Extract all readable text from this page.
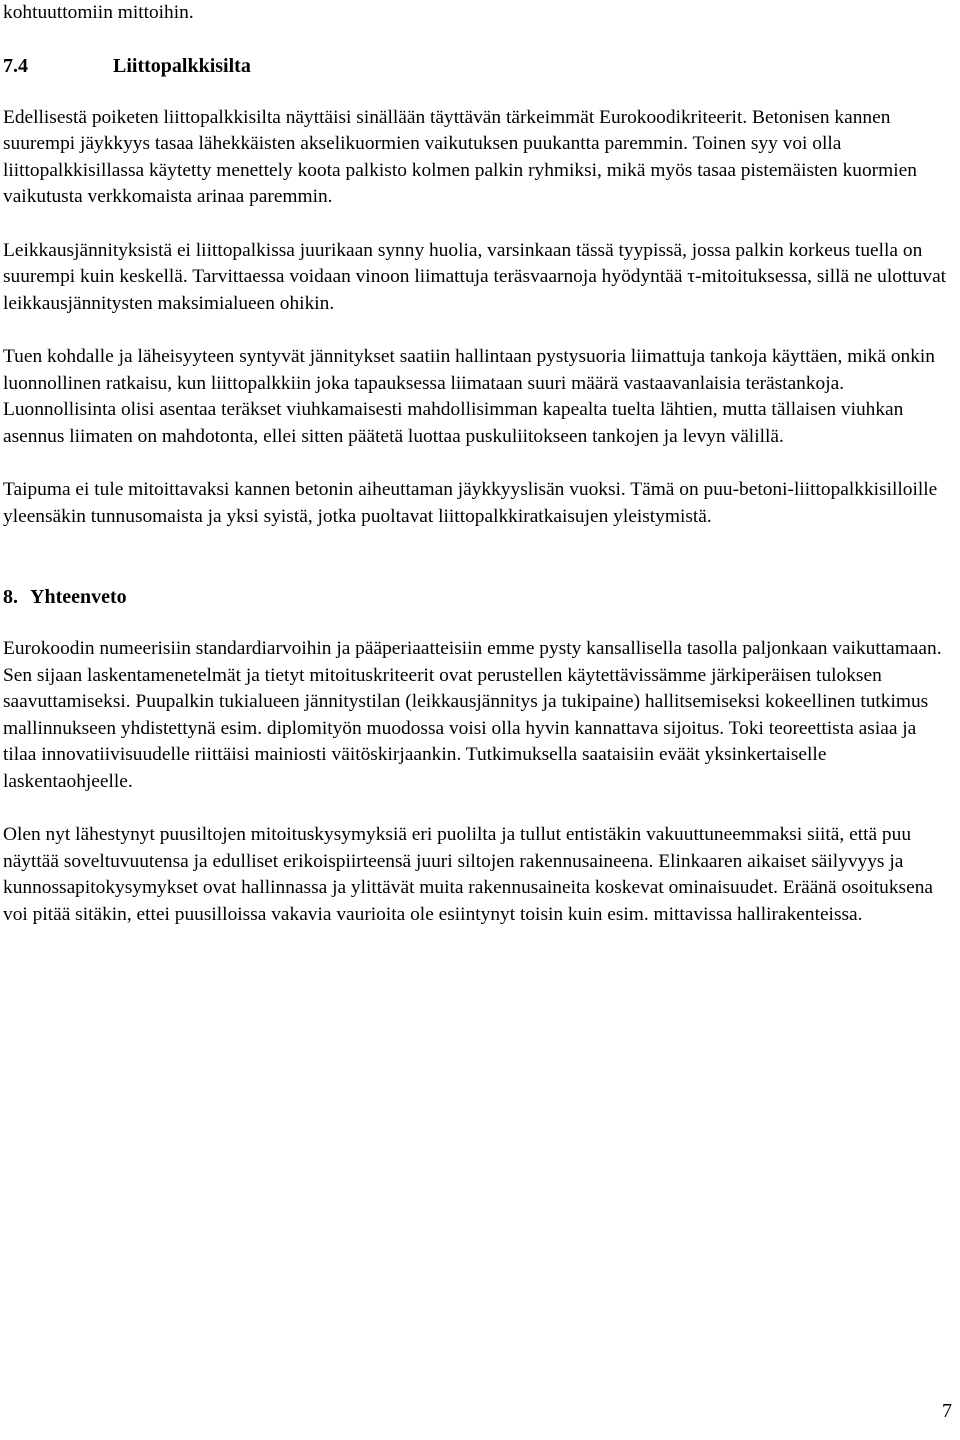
kohtuuttomiin mittoihin.

7.4	Liittopalkkisilta

Edellisestä poiketen liittopalkkisilta näyttäisi sinällään täyttävän tärkeimmät Eurokoodikriteerit. Betonisen kannen suurempi jäykkyys tasaa lähekkäisten akselikuormien vaikutuksen puukantta paremmin. Toinen syy voi olla liittopalkkisillassa käytetty menettely koota palkisto kolmen palkin ryhmiksi, mikä myös tasaa pistemäisten kuormien vaikutusta verkkomaista arinaa paremmin.

Leikkausjännityksistä ei liittopalkissa juurikaan synny huolia, varsinkaan tässä tyypissä, jossa palkin korkeus tuella on suurempi kuin keskellä. Tarvittaessa voidaan vinoon liimattuja teräsvaarnoja hyödyntää τ-mitoituksessa, sillä ne ulottuvat leikkausjännitysten maksimialueen ohikin.

Tuen kohdalle ja läheisyyteen syntyvät jännitykset saatiin hallintaan pystysuoria liimattuja tankoja käyttäen, mikä onkin luonnollinen ratkaisu, kun liittopalkkiin joka tapauksessa liimataan suuri määrä vastaavanlaisia terästankoja. Luonnollisinta olisi asentaa teräkset viuhkamaisesti mahdollisimman kapealta tuelta lähtien, mutta tällaisen viuhkan asennus liimaten on mahdotonta, ellei sitten päätetä luottaa puskuliitokseen tankojen ja levyn välillä.

Taipuma ei tule mitoittavaksi kannen betonin aiheuttaman jäykkyyslisän vuoksi. Tämä on puu-betoni-liittopalkkisilloille yleensäkin tunnusomaista ja yksi syistä, jotka puoltavat liittopalkkiratkaisujen yleistymistä.

8. Yhteenveto

Eurokoodin numeerisiin standardiarvoihin ja pääperiaatteisiin emme pysty kansallisella tasolla paljonkaan vaikuttamaan. Sen sijaan laskentamenetelmät ja tietyt mitoituskriteerit ovat perustellen käytettävissämme järkiperäisen tuloksen saavuttamiseksi. Puupalkin tukialueen jännitystilan (leikkausjännitys ja tukipaine) hallitsemiseksi kokeellinen tutkimus mallinnukseen yhdistettynä esim. diplomityön muodossa voisi olla hyvin kannattava sijoitus. Toki teoreettista asiaa ja tilaa innovatiivisuudelle riittäisi mainiosti väitöskirjaankin. Tutkimuksella saataisiin eväät yksinkertaiselle laskentaohjeelle.

Olen nyt lähestynyt puusiltojen mitoituskysymyksiä eri puolilta ja tullut entistäkin vakuuttuneemmaksi siitä, että puu näyttää soveltuvuutensa ja edulliset erikoispiirteensä juuri siltojen rakennusaineena. Elinkaaren aikaiset säilyvyys ja kunnossapitokysymykset ovat hallinnassa ja ylittävät muita rakennusaineita koskevat ominaisuudet. Eräänä osoituksena voi pitää sitäkin, ettei puusilloissa vakavia vaurioita ole esiintynyt toisin kuin esim. mittavissa hallirakenteissa.

7
